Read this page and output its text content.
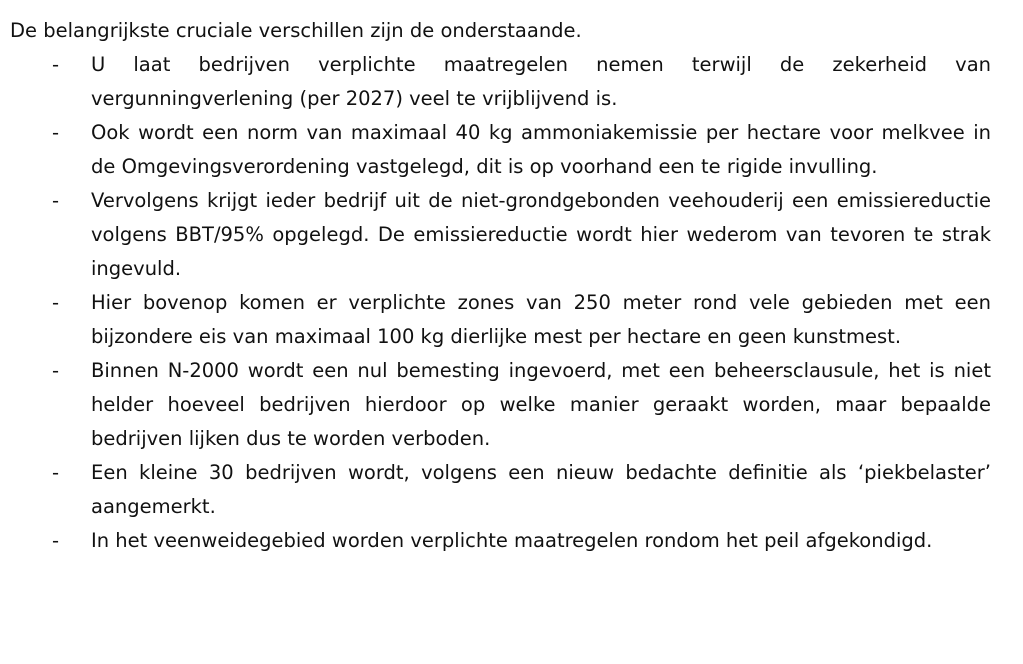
De belangrijkste cruciale verschillen zijn de onderstaande.

- U laat bedrijven verplichte maatregelen nemen terwijl de zekerheid van vergunningverlening (per 2027) veel te vrijblijvend is.
- Ook wordt een norm van maximaal 40 kg ammoniakemissie per hectare voor melkvee in de Omgevingsverordening vastgelegd, dit is op voorhand een te rigide invulling.
- Vervolgens krijgt ieder bedrijf uit de niet-grondgebonden veehouderij een emissiereductie volgens BBT/95% opgelegd. De emissiereductie wordt hier wederom van tevoren te strak ingevuld.
- Hier bovenop komen er verplichte zones van 250 meter rond vele gebieden met een bijzondere eis van maximaal 100 kg dierlijke mest per hectare en geen kunstmest.
- Binnen N-2000 wordt een nul bemesting ingevoerd, met een beheersclausule, het is niet helder hoeveel bedrijven hierdoor op welke manier geraakt worden, maar bepaalde bedrijven lijken dus te worden verboden.
- Een kleine 30 bedrijven wordt, volgens een nieuw bedachte definitie als ‘piekbelaster’ aangemerkt.
- In het veenweidegebied worden verplichte maatregelen rondom het peil afgekondigd.
